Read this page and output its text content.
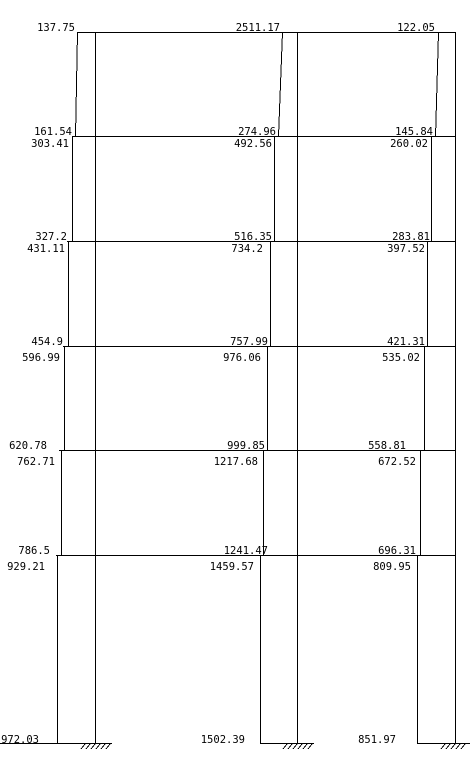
137.75	2511.17	122.05
161.54	274.96	145.84
303.41	492.56	260.02
327.2	516.35	283.81
431.11	734.2	397.52
454.9	757.99	421.31
596.99	976.06	535.02
620.78	999.85	558.81
762.71	1217.68	672.52
786.5	1241.47	696.31
929.21	1459.57	809.95
972.03	1502.39	851.97
